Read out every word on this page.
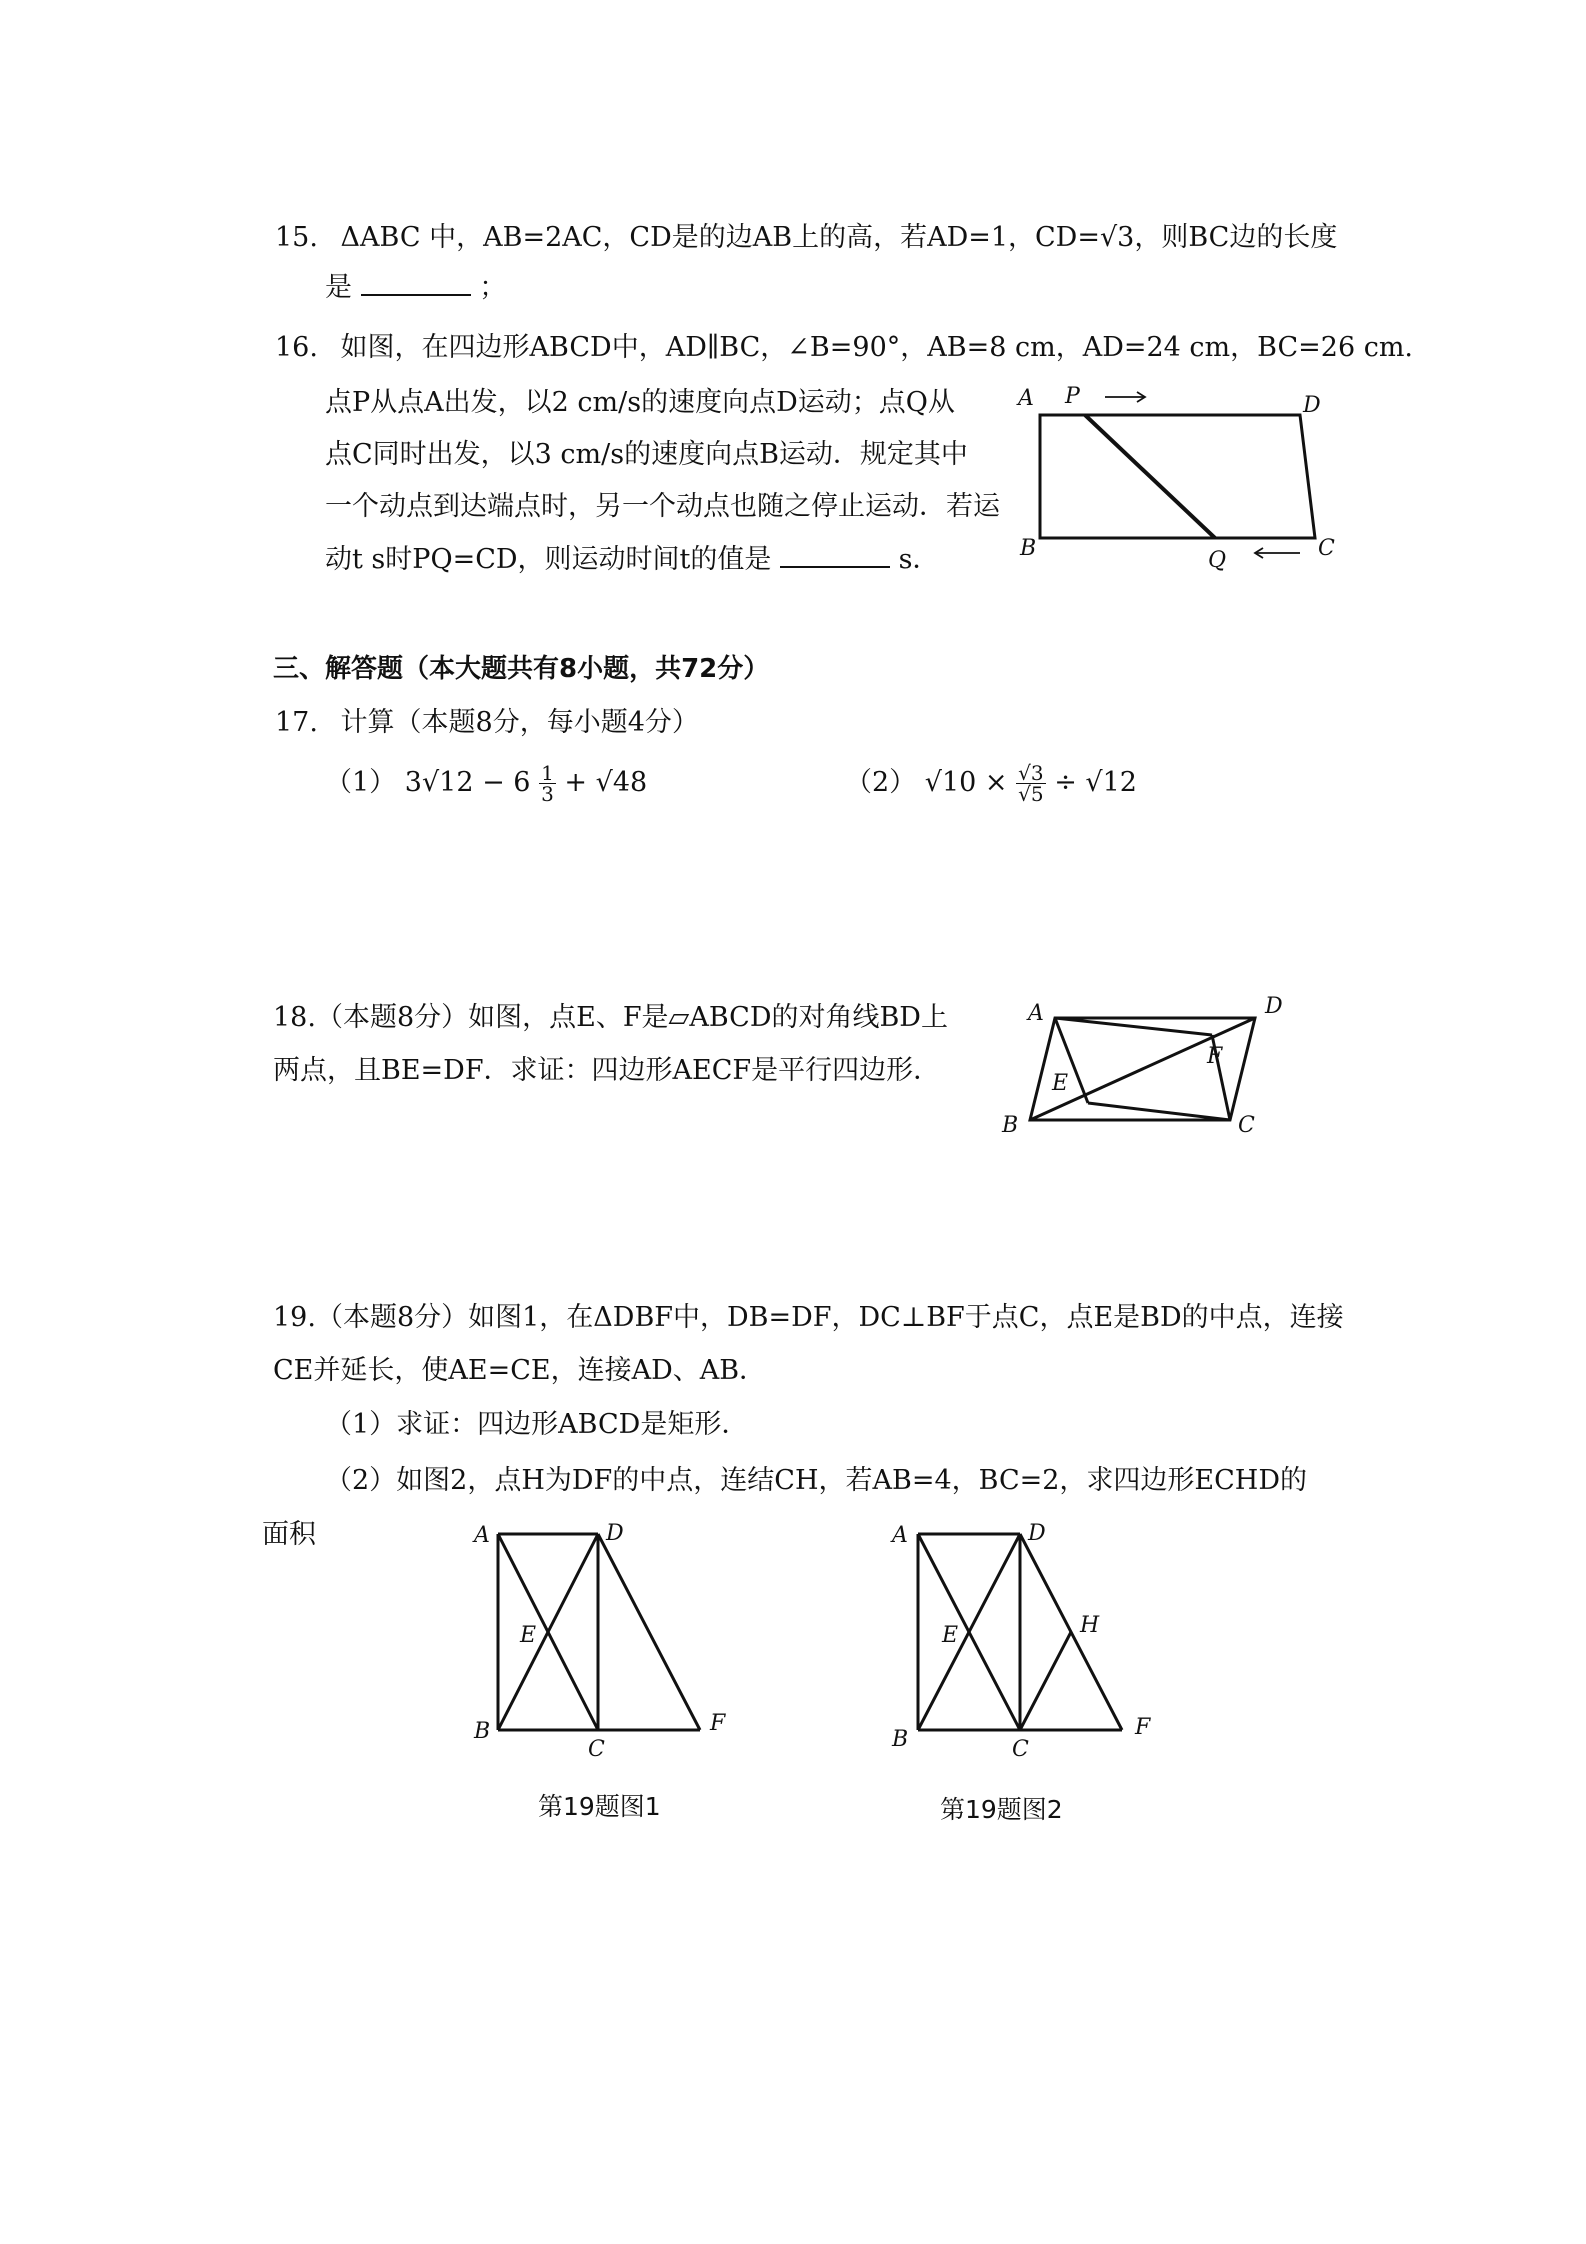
15. ΔABC 中，AB=2AC，CD是的边AB上的高，若AD=1，CD=√3，则BC边的长度
是	；
16. 如图，在四边形ABCD中，AD∥BC，∠B=90°，AB=8 cm，AD=24 cm，BC=26 cm.
点P从点A出发，以2 cm/s的速度向点D运动；点Q从
点C同时出发，以3 cm/s的速度向点B运动．规定其中
一个动点到达端点时，另一个动点也随之停止运动．若运
动t s时PQ=CD，则运动时间t的值是	s．
A P	D
B	Q	C
三、解答题（本大题共有8小题，共72分）
17. 计算（本题8分，每小题4分）
（1） $3√12 - 6 \frac{1}{3} + √48$	（2） $√10 \times \frac{√3}{√5} \div √12$
18.（本题8分）如图，点E、F是▱ABCD的对角线BD上
两点，且BE=DF．求证：四边形AECF是平行四边形．
A	D
F
E
B	C
19.（本题8分）如图1，在ΔDBF中，DB=DF，DC⊥BF于点C，点E是BD的中点，连接
CE并延长，使AE=CE，连接AD、AB．
（1）求证：四边形ABCD是矩形．
（2）如图2，点H为DF的中点，连结CH，若AB=4，BC=2，求四边形ECHD的
面积	A	D
E
B
C
F
第19题图1
A	D
E	H
B	C
F
第19题图2
